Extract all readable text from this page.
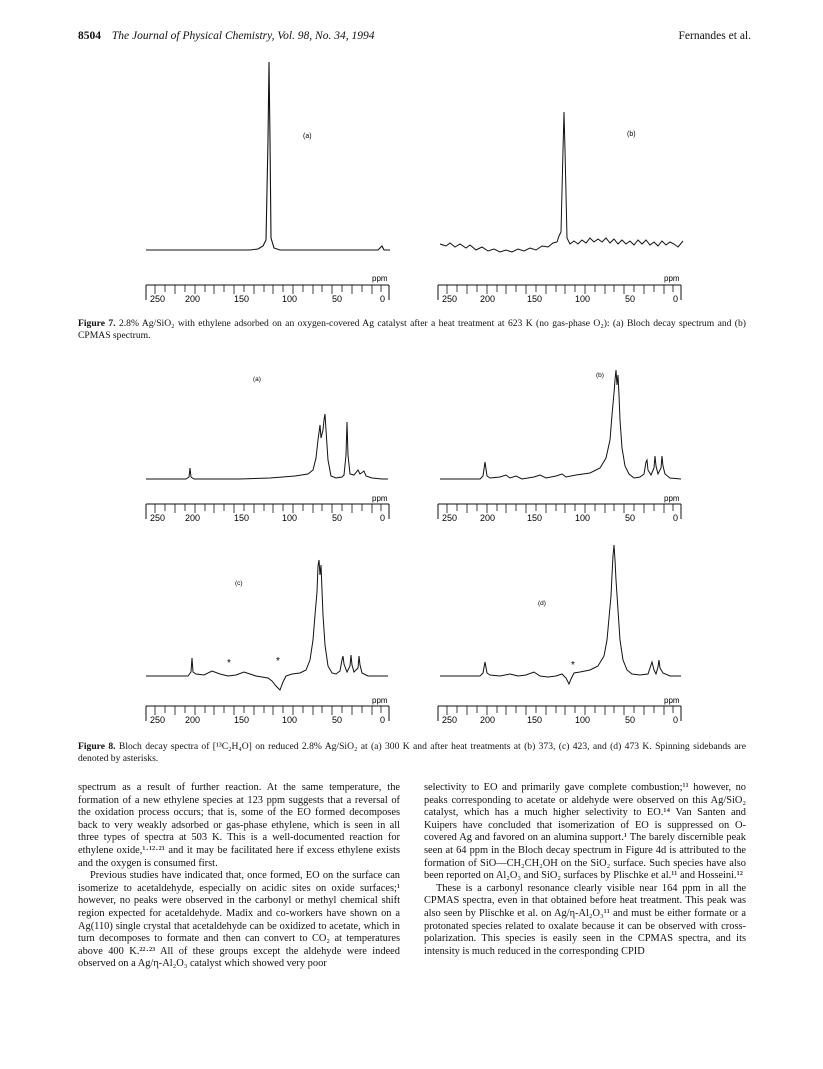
8504 The Journal of Physical Chemistry, Vol. 98, No. 34, 1994	Fernandes et al.
(a)
ppm
250 200	150	100	50	0
(b)
ppm
250	200	150	100	50	0
Figure 7. 2.8% Ag/SiO₂ with ethylene adsorbed on an oxygen-covered Ag catalyst after a heat treatment at 623 K (no gas-phase O₂): (a) Bloch decay spectrum and (b) CPMAS spectrum.
(a)
ppm
250 200	150	100	50	0
(b)
ppm
250	200	150	100	50	0
(c)
*	*
ppm
250 200	150	100	50	0
(d)
*
ppm
250	200	150	100	50	0
Figure 8. Bloch decay spectra of [¹³C₂H₄O] on reduced 2.8% Ag/SiO₂ at (a) 300 K and after heat treatments at (b) 373, (c) 423, and (d) 473 K. Spinning sidebands are denoted by asterisks.

spectrum as a result of further reaction. At the same temperature, the formation of a new ethylene species at 123 ppm suggests that a reversal of the oxidation process occurs; that is, some of the EO formed decomposes back to very weakly adsorbed or gas-phase ethylene, which is seen in all three types of spectra at 503 K. This is a well-documented reaction for ethylene oxide,¹·¹²·²¹ and it may be facilitated here if excess ethylene exists and the oxygen is consumed first.

Previous studies have indicated that, once formed, EO on the surface can isomerize to acetaldehyde, especially on acidic sites on oxide surfaces;¹ however, no peaks were observed in the carbonyl or methyl chemical shift region expected for acetaldehyde. Madix and co-workers have shown on a Ag(110) single crystal that acetaldehyde can be oxidized to acetate, which in turn decomposes to formate and then can convert to CO₂ at temperatures above 400 K.²²·²³ All of these groups except the aldehyde were indeed observed on a Ag/η-Al₂O₃ catalyst which showed very poor

selectivity to EO and primarily gave complete combustion;¹¹ however, no peaks corresponding to acetate or aldehyde were observed on this Ag/SiO₂ catalyst, which has a much higher selectivity to EO.¹⁴ Van Santen and Kuipers have concluded that isomerization of EO is suppressed on O-covered Ag and favored on an alumina support.¹ The barely discernible peak seen at 64 ppm in the Bloch decay spectrum in Figure 4d is attributed to the formation of SiO—CH₂CH₂OH on the SiO₂ surface. Such species have also been reported on Al₂O₃ and SiO₂ surfaces by Plischke et al.¹¹ and Hosseini.¹²

These is a carbonyl resonance clearly visible near 164 ppm in all the CPMAS spectra, even in that obtained before heat treatment. This peak was also seen by Plischke et al. on Ag/η-Al₂O₃¹¹ and must be either formate or a protonated species related to oxalate because it can be observed with cross-polarization. This species is easily seen in the CPMAS spectra, and its intensity is much reduced in the corresponding CPID
